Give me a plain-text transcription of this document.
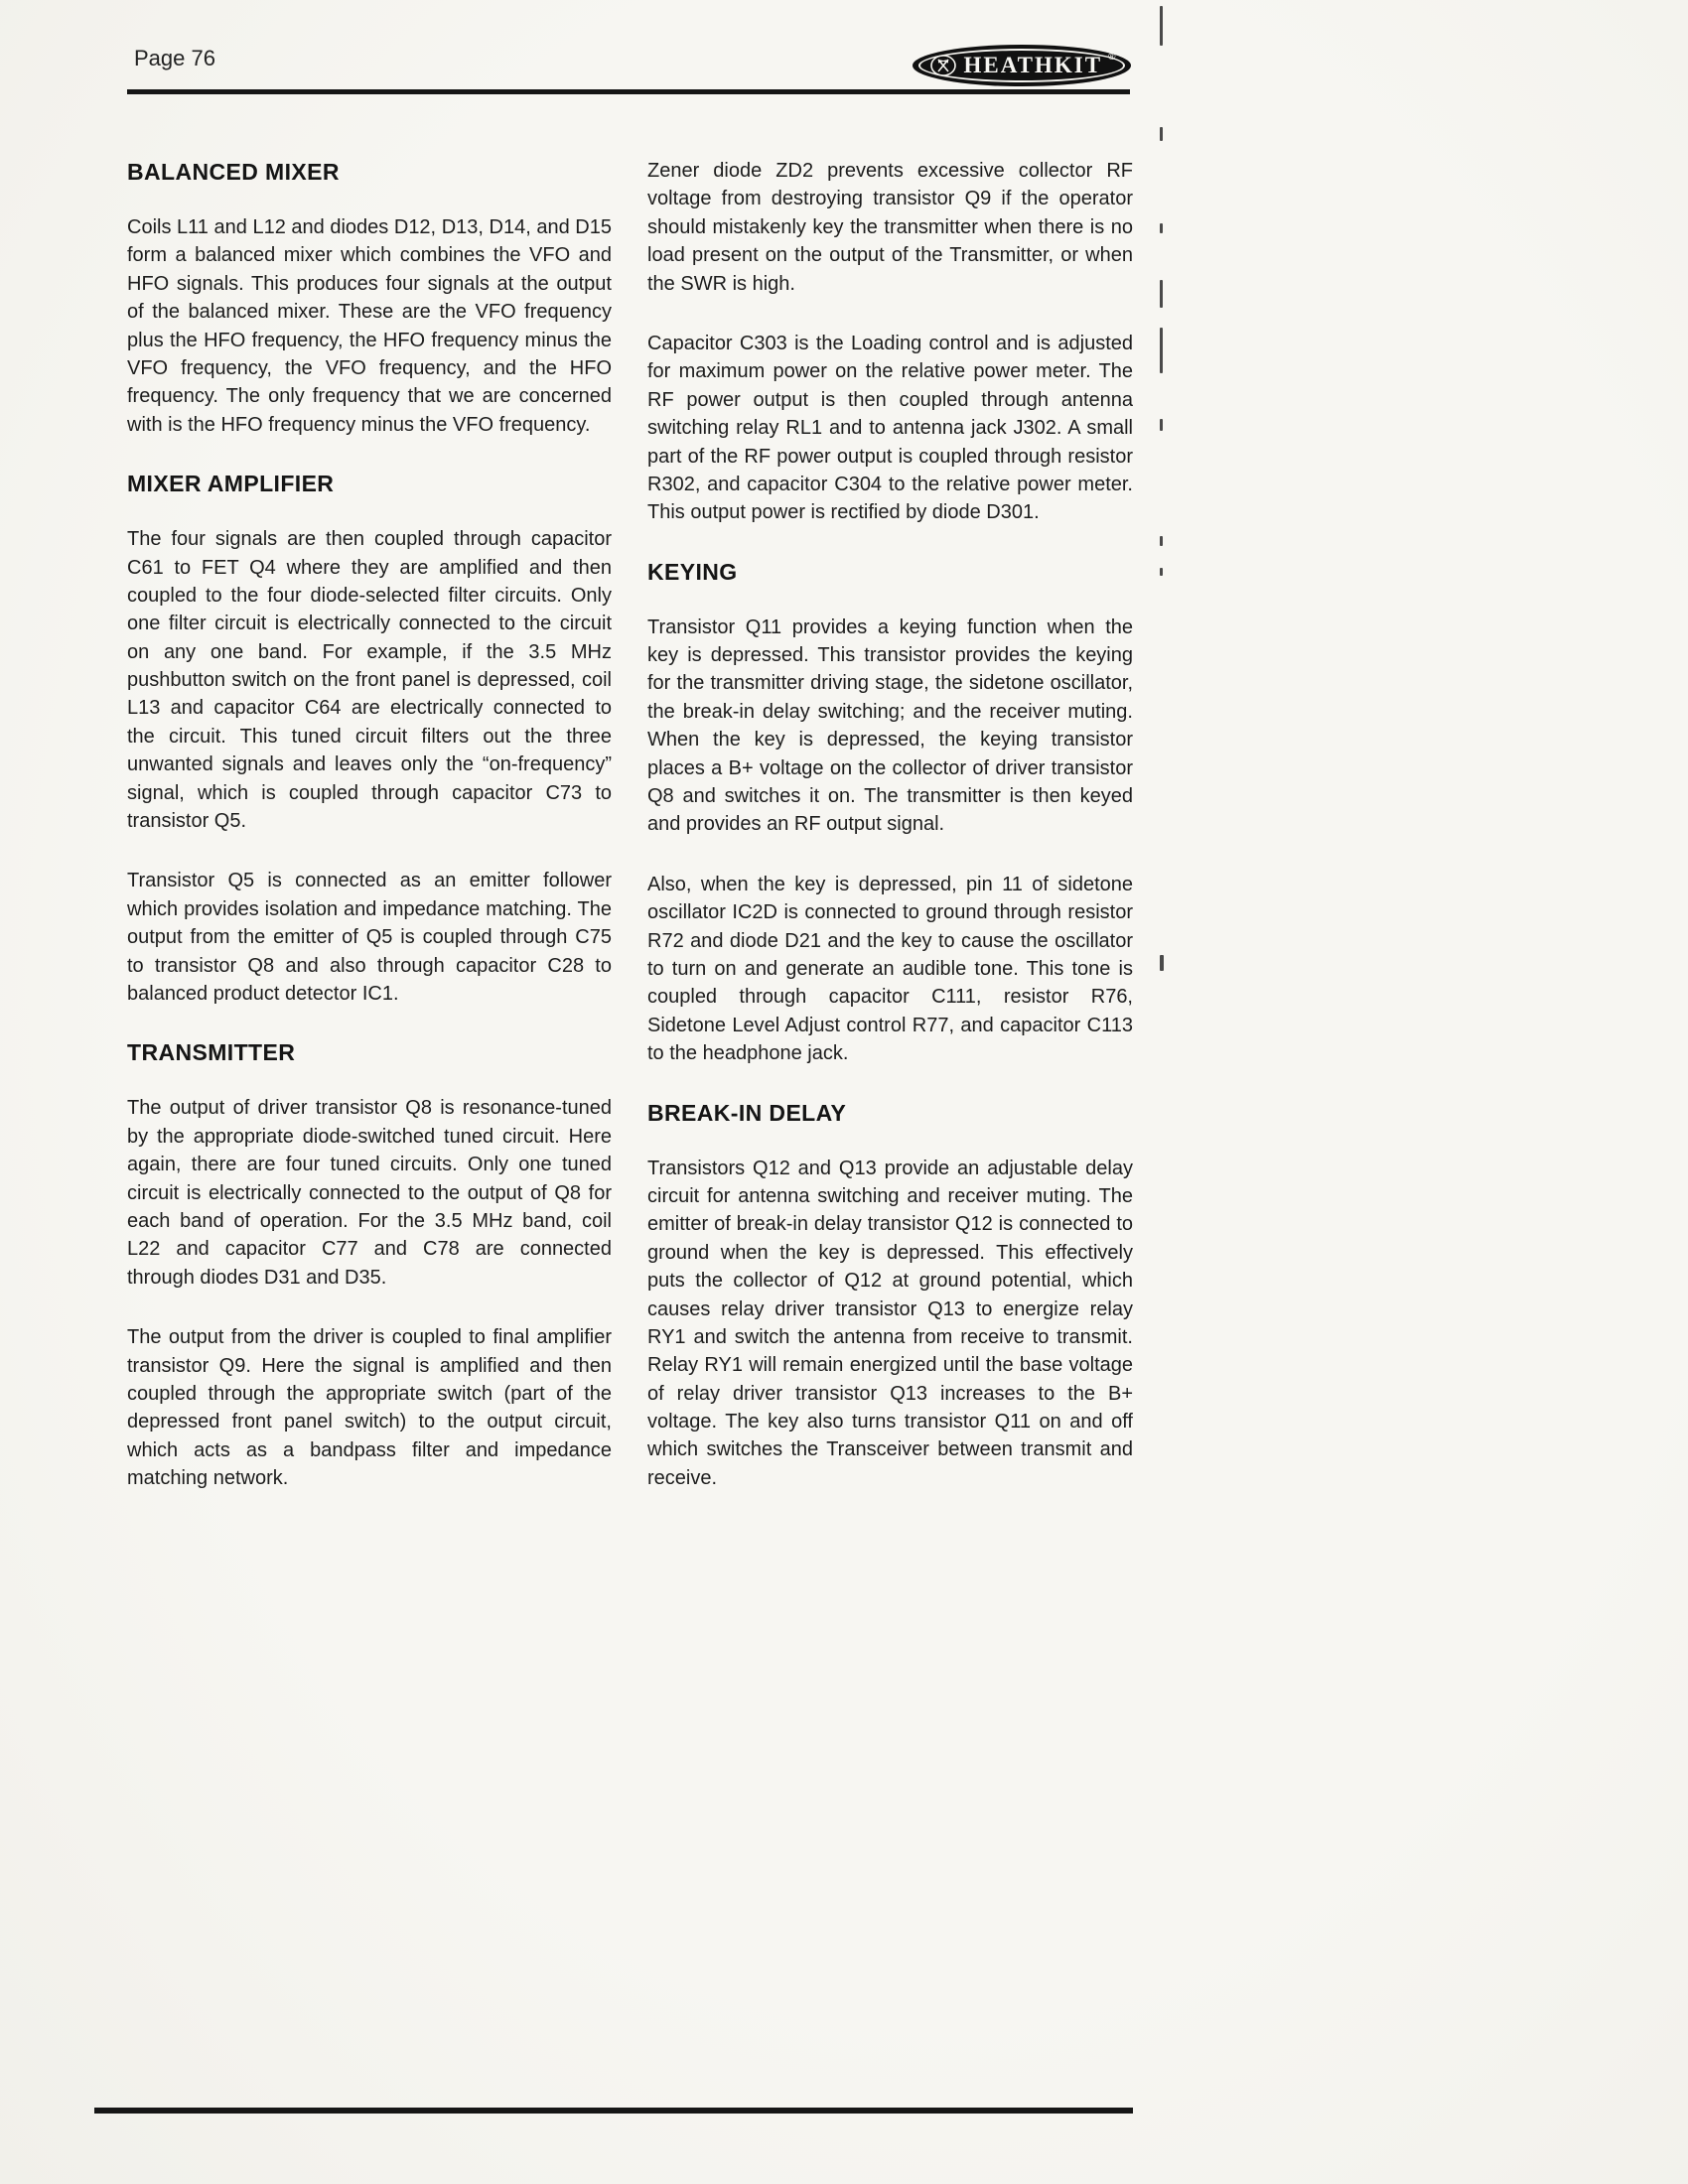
Page 76	HEATHKIT ®
BALANCED MIXER

Coils L11 and L12 and diodes D12, D13, D14, and D15 form a balanced mixer which combines the VFO and HFO signals. This produces four signals at the output of the balanced mixer. These are the VFO frequency plus the HFO frequency, the HFO frequency minus the VFO frequency, the VFO frequency, and the HFO frequency. The only frequency that we are concerned with is the HFO frequency minus the VFO frequency.

MIXER AMPLIFIER

The four signals are then coupled through capacitor C61 to FET Q4 where they are amplified and then coupled to the four diode-selected filter circuits. Only one filter circuit is electrically connected to the circuit on any one band. For example, if the 3.5 MHz pushbutton switch on the front panel is depressed, coil L13 and capacitor C64 are electrically connected to the circuit. This tuned circuit filters out the three unwanted signals and leaves only the “on-frequency” signal, which is coupled through capacitor C73 to transistor Q5.

Transistor Q5 is connected as an emitter follower which provides isolation and impedance matching. The output from the emitter of Q5 is coupled through C75 to transistor Q8 and also through capacitor C28 to balanced product detector IC1.

TRANSMITTER

The output of driver transistor Q8 is resonance-tuned by the appropriate diode-switched tuned circuit. Here again, there are four tuned circuits. Only one tuned circuit is electrically connected to the output of Q8 for each band of operation. For the 3.5 MHz band, coil L22 and capacitor C77 and C78 are connected through diodes D31 and D35.

The output from the driver is coupled to final amplifier transistor Q9. Here the signal is amplified and then coupled through the appropriate switch (part of the depressed front panel switch) to the output circuit, which acts as a bandpass filter and impedance matching network.

Zener diode ZD2 prevents excessive collector RF voltage from destroying transistor Q9 if the operator should mistakenly key the transmitter when there is no load present on the output of the Transmitter, or when the SWR is high.

Capacitor C303 is the Loading control and is adjusted for maximum power on the relative power meter. The RF power output is then coupled through antenna switching relay RL1 and to antenna jack J302. A small part of the RF power output is coupled through resistor R302, and capacitor C304 to the relative power meter. This output power is rectified by diode D301.

KEYING

Transistor Q11 provides a keying function when the key is depressed. This transistor provides the keying for the transmitter driving stage, the sidetone oscillator, the break-in delay switching; and the receiver muting. When the key is depressed, the keying transistor places a B+ voltage on the collector of driver transistor Q8 and switches it on. The transmitter is then keyed and provides an RF output signal.

Also, when the key is depressed, pin 11 of sidetone oscillator IC2D is connected to ground through resistor R72 and diode D21 and the key to cause the oscillator to turn on and generate an audible tone. This tone is coupled through capacitor C111, resistor R76, Sidetone Level Adjust control R77, and capacitor C113 to the headphone jack.

BREAK-IN DELAY

Transistors Q12 and Q13 provide an adjustable delay circuit for antenna switching and receiver muting. The emitter of break-in delay transistor Q12 is connected to ground when the key is depressed. This effectively puts the collector of Q12 at ground potential, which causes relay driver transistor Q13 to energize relay RY1 and switch the antenna from receive to transmit. Relay RY1 will remain energized until the base voltage of relay driver transistor Q13 increases to the B+ voltage. The key also turns transistor Q11 on and off which switches the Transceiver between transmit and receive.
